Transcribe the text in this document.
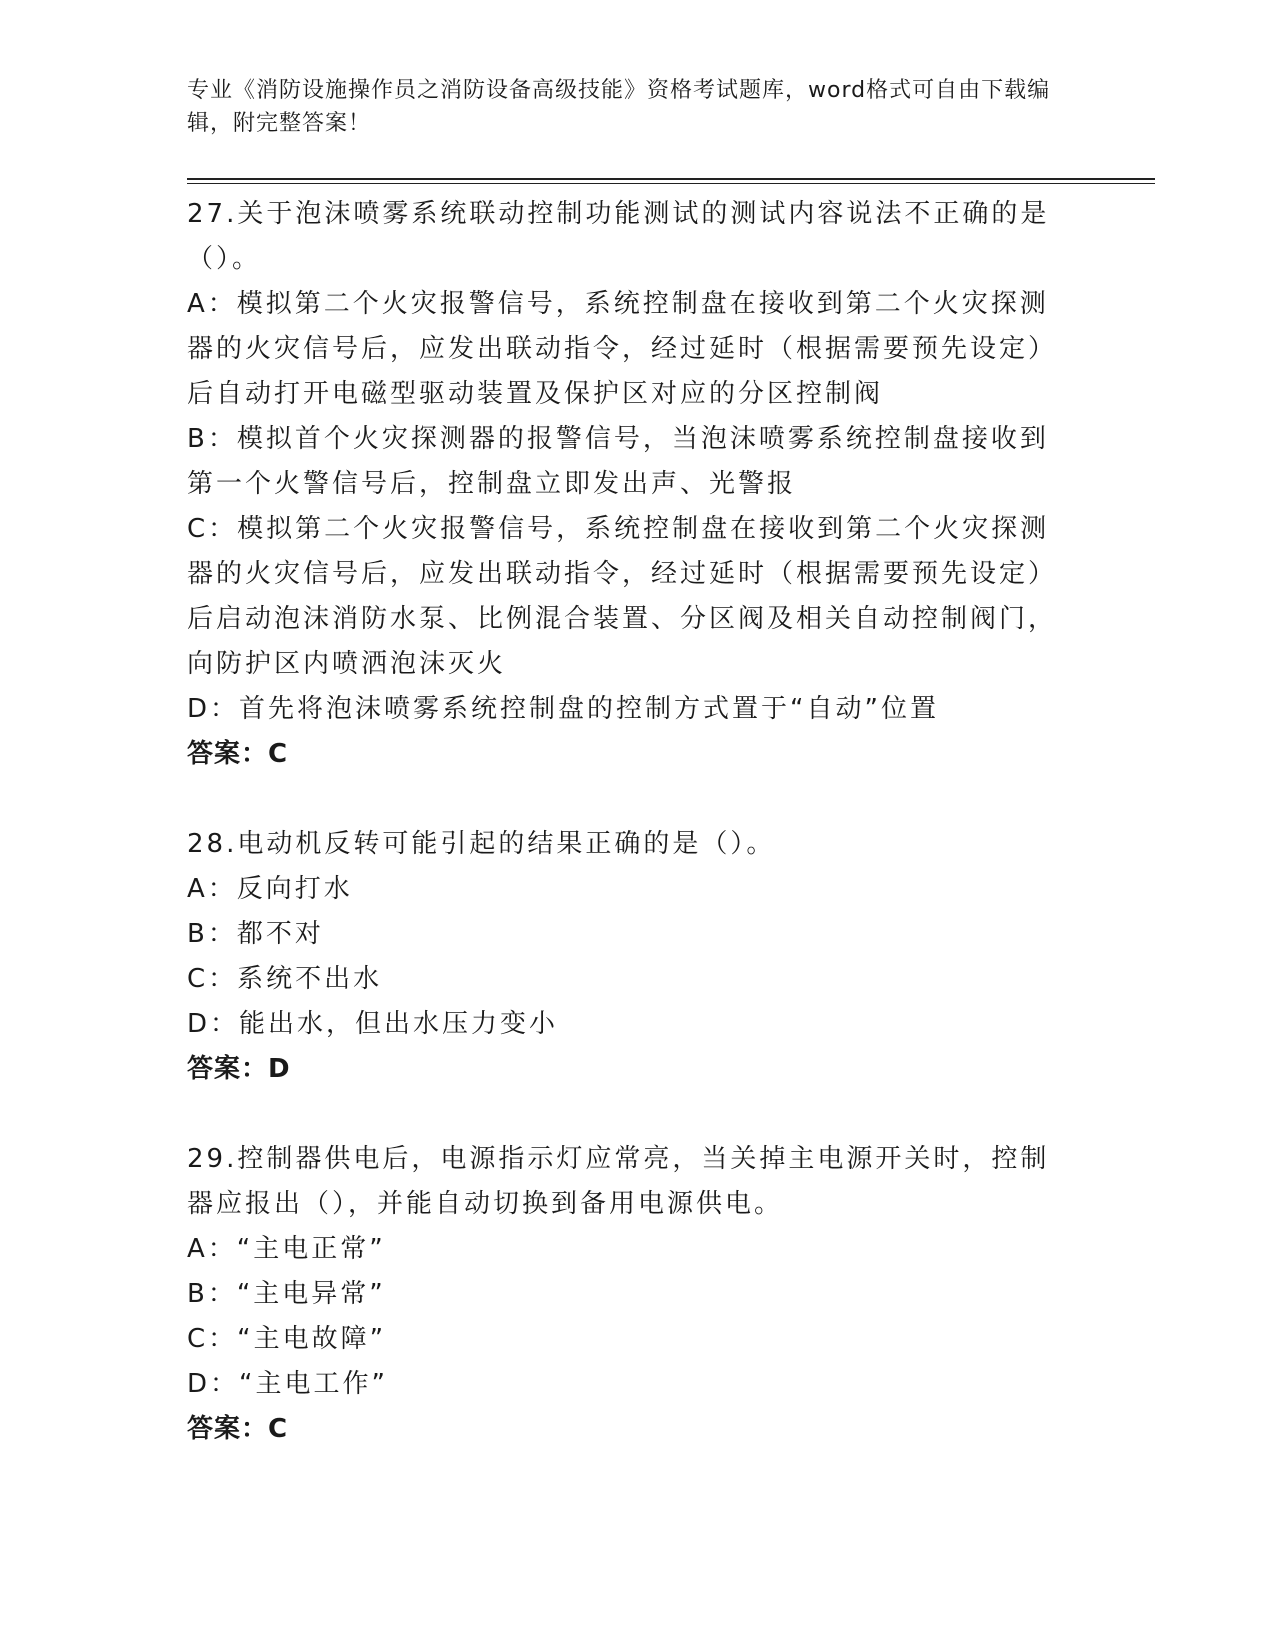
专业《消防设施操作员之消防设备高级技能》资格考试题库，word格式可自由下载编辑，附完整答案！

27.关于泡沫喷雾系统联动控制功能测试的测试内容说法不正确的是（）。

A：模拟第二个火灾报警信号，系统控制盘在接收到第二个火灾探测器的火灾信号后，应发出联动指令，经过延时（根据需要预先设定）后自动打开电磁型驱动装置及保护区对应的分区控制阀

B：模拟首个火灾探测器的报警信号，当泡沫喷雾系统控制盘接收到第一个火警信号后，控制盘立即发出声、光警报

C：模拟第二个火灾报警信号，系统控制盘在接收到第二个火灾探测器的火灾信号后，应发出联动指令，经过延时（根据需要预先设定）后启动泡沫消防水泵、比例混合装置、分区阀及相关自动控制阀门，向防护区内喷洒泡沫灭火

D：首先将泡沫喷雾系统控制盘的控制方式置于“自动”位置

答案：C

28.电动机反转可能引起的结果正确的是（）。

A：反向打水

B：都不对

C：系统不出水

D：能出水，但出水压力变小

答案：D

29.控制器供电后，电源指示灯应常亮，当关掉主电源开关时，控制器应报出（），并能自动切换到备用电源供电。

A：“主电正常”

B：“主电异常”

C：“主电故障”

D：“主电工作”

答案：C
